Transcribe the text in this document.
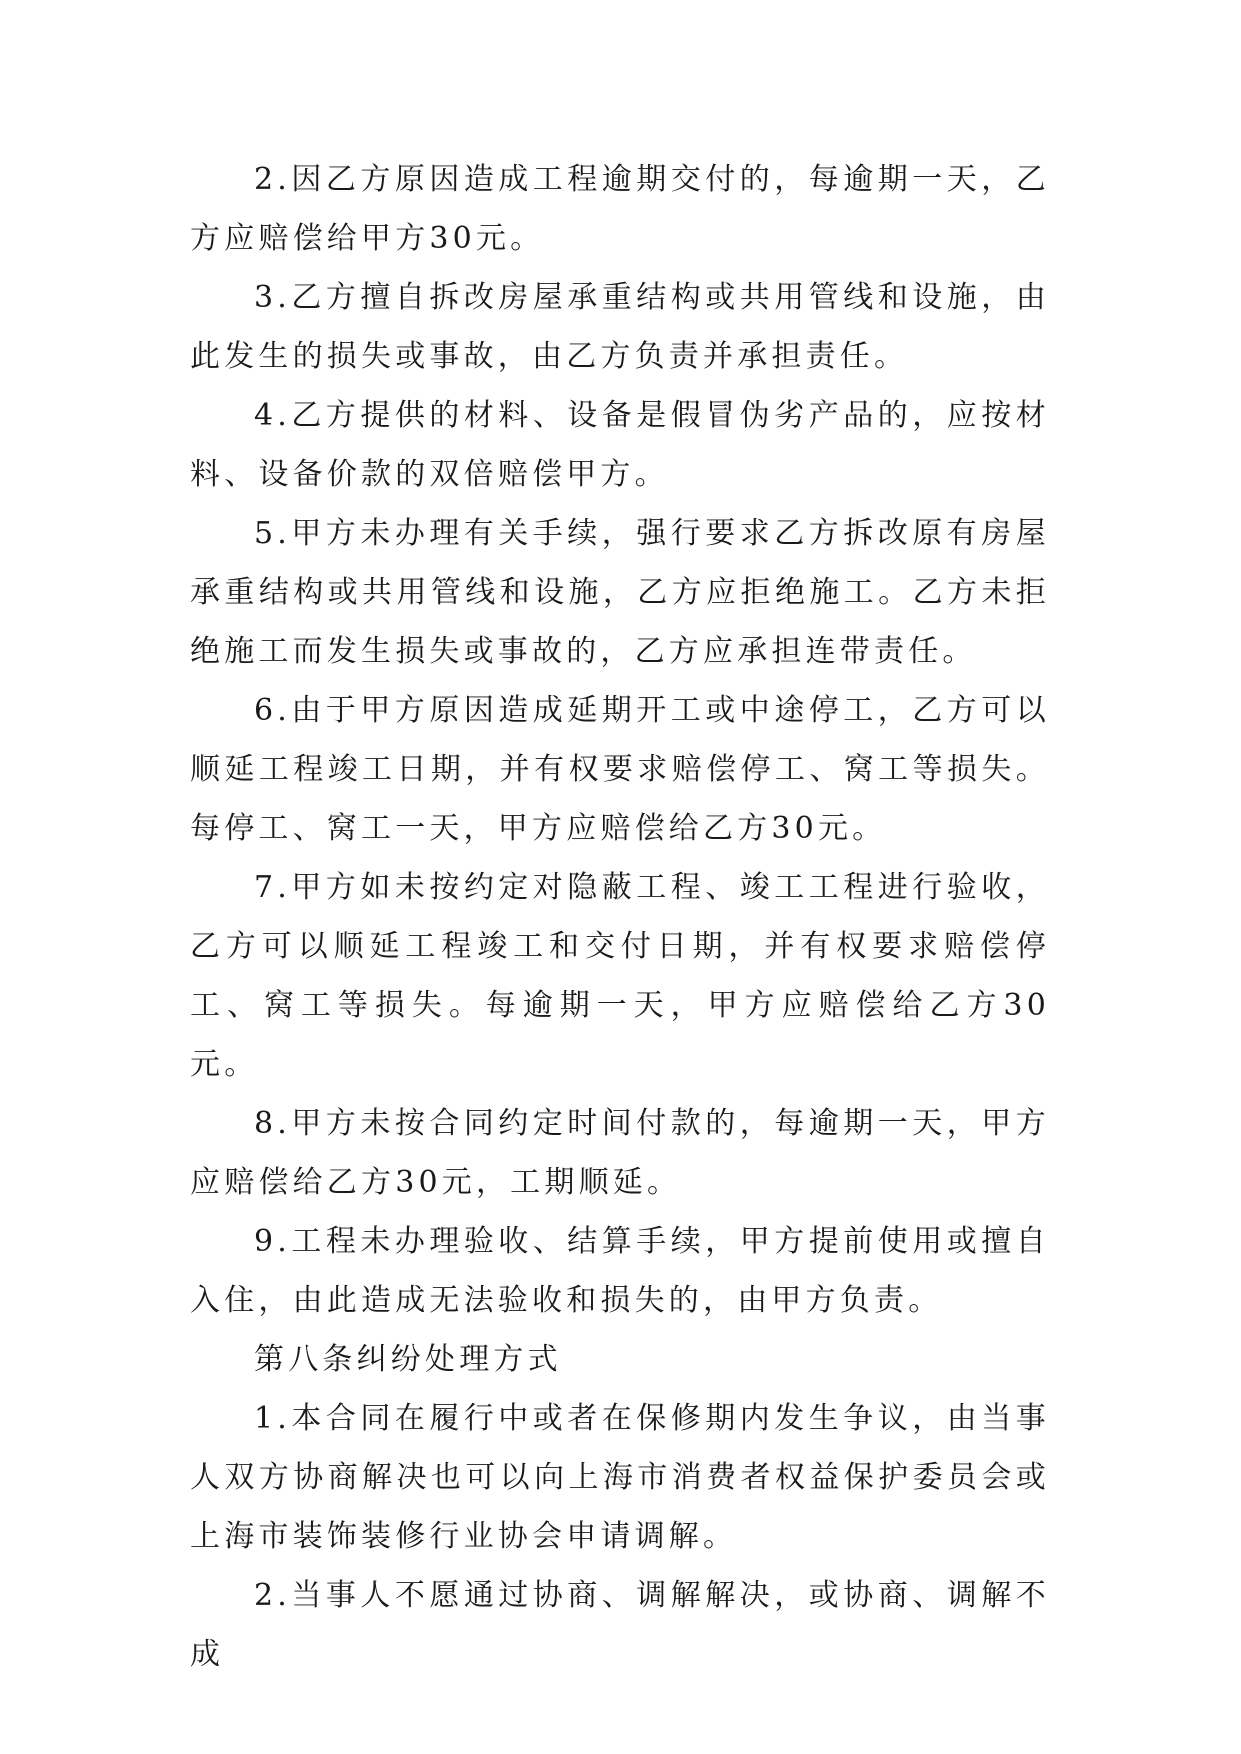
2.因乙方原因造成工程逾期交付的，每逾期一天，乙方应赔偿给甲方30元。

3.乙方擅自拆改房屋承重结构或共用管线和设施，由此发生的损失或事故，由乙方负责并承担责任。

4.乙方提供的材料、设备是假冒伪劣产品的，应按材料、设备价款的双倍赔偿甲方。

5.甲方未办理有关手续，强行要求乙方拆改原有房屋承重结构或共用管线和设施，乙方应拒绝施工。乙方未拒绝施工而发生损失或事故的，乙方应承担连带责任。

6.由于甲方原因造成延期开工或中途停工，乙方可以顺延工程竣工日期，并有权要求赔偿停工、窝工等损失。每停工、窝工一天，甲方应赔偿给乙方30元。

7.甲方如未按约定对隐蔽工程、竣工工程进行验收，乙方可以顺延工程竣工和交付日期，并有权要求赔偿停工、窝工等损失。每逾期一天，甲方应赔偿给乙方30元。

8.甲方未按合同约定时间付款的，每逾期一天，甲方应赔偿给乙方30元，工期顺延。

9.工程未办理验收、结算手续，甲方提前使用或擅自入住，由此造成无法验收和损失的，由甲方负责。

第八条纠纷处理方式

1.本合同在履行中或者在保修期内发生争议，由当事人双方协商解决也可以向上海市消费者权益保护委员会或上海市装饰装修行业协会申请调解。

2.当事人不愿通过协商、调解解决，或协商、调解不成
